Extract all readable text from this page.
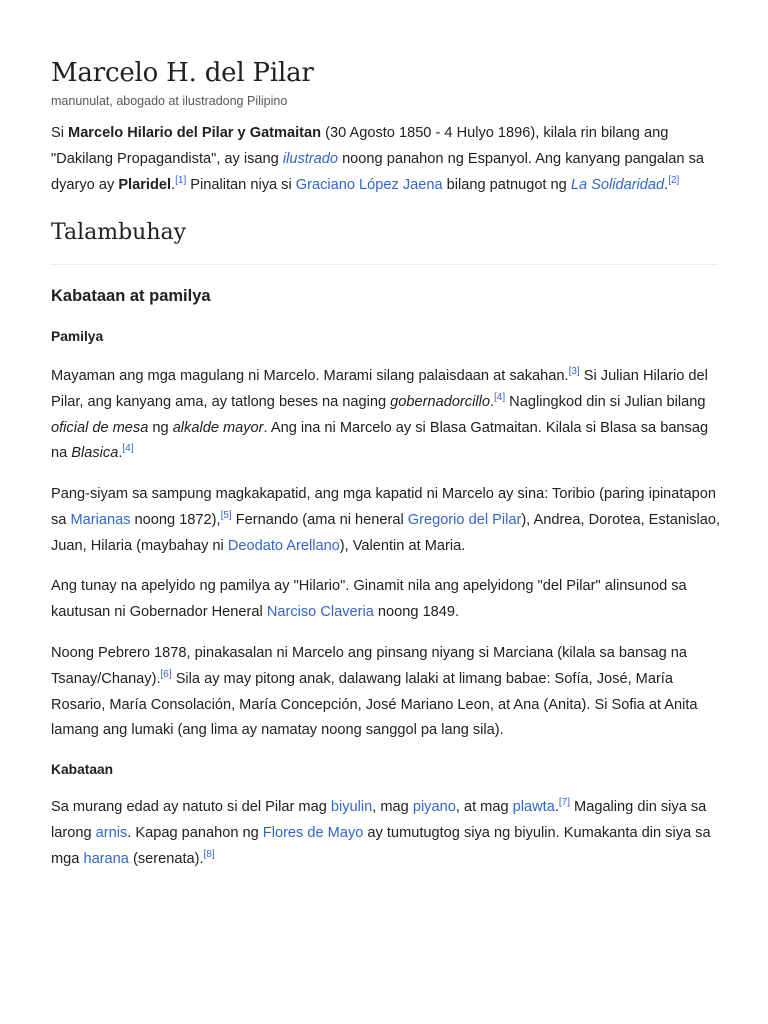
Marcelo H. del Pilar
manunulat, abogado at ilustradong Pilipino

Si Marcelo Hilario del Pilar y Gatmaitan (30 Agosto 1850 - 4 Hulyo 1896), kilala rin bilang ang "Dakilang Propagandista", ay isang ilustrado noong panahon ng Espanyol. Ang kanyang pangalan sa dyaryo ay Plaridel.[1] Pinalitan niya si Graciano López Jaena bilang patnugot ng La Solidaridad.[2]

Talambuhay
Kabataan at pamilya
Pamilya

Mayaman ang mga magulang ni Marcelo. Marami silang palaisdaan at sakahan.[3] Si Julian Hilario del Pilar, ang kanyang ama, ay tatlong beses na naging gobernadorcillo.[4] Naglingkod din si Julian bilang oficial de mesa ng alkalde mayor. Ang ina ni Marcelo ay si Blasa Gatmaitan. Kilala si Blasa sa bansag na Blasica.[4]

Pang-siyam sa sampung magkakapatid, ang mga kapatid ni Marcelo ay sina: Toribio (paring ipinatapon sa Marianas noong 1872),[5] Fernando (ama ni heneral Gregorio del Pilar), Andrea, Dorotea, Estanislao, Juan, Hilaria (maybahay ni Deodato Arellano), Valentin at Maria.

Ang tunay na apelyido ng pamilya ay "Hilario". Ginamit nila ang apelyidong "del Pilar" alinsunod sa kautusan ni Gobernador Heneral Narciso Claveria noong 1849.

Noong Pebrero 1878, pinakasalan ni Marcelo ang pinsang niyang si Marciana (kilala sa bansag na Tsanay/Chanay).[6] Sila ay may pitong anak, dalawang lalaki at limang babae: Sofía, José, María Rosario, María Consolación, María Concepción, José Mariano Leon, at Ana (Anita). Si Sofia at Anita lamang ang lumaki (ang lima ay namatay noong sanggol pa lang sila).

Kabataan

Sa murang edad ay natuto si del Pilar mag biyulin, mag piyano, at mag plawta.[7] Magaling din siya sa larong arnis. Kapag panahon ng Flores de Mayo ay tumutugtog siya ng biyulin. Kumakanta din siya sa mga harana (serenata).[8]
